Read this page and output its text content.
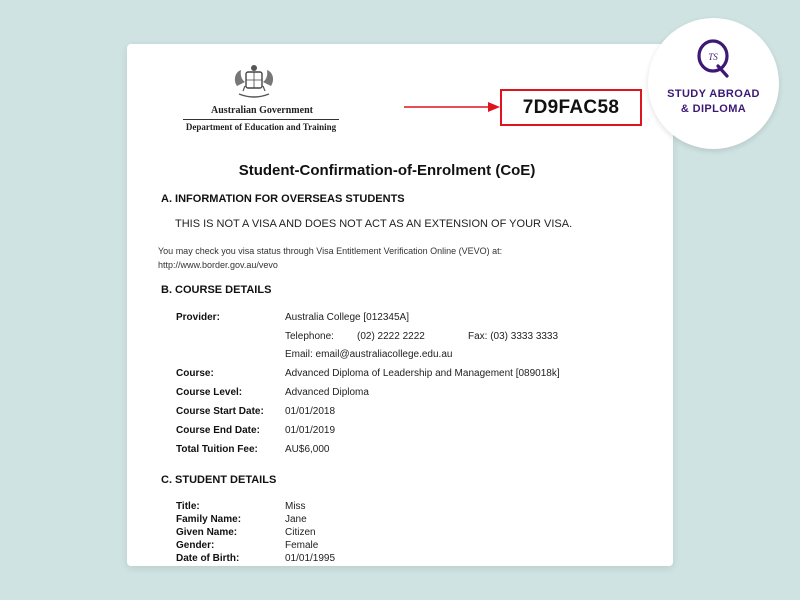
Australian Government
Department of Education and Training
7D9FAC58
Student-Confirmation-of-Enrolment (CoE)
A. INFORMATION FOR OVERSEAS STUDENTS
THIS IS NOT A VISA AND DOES NOT ACT AS AN EXTENSION OF YOUR VISA.
You may check you visa status through Visa Entitlement Verification Online (VEVO) at:
http://www.border.gov.au/vevo
B. COURSE DETAILS
Provider:	Australia College [012345A]
Telephone: (02) 2222 2222	Fax: (03) 3333 3333
Email: email@australiacollege.edu.au
Course:	Advanced Diploma of Leadership and Management [089018k]
Course Level:	Advanced Diploma
Course Start Date: 01/01/2018
Course End Date:	01/01/2019
Total Tuition Fee:	AU$6,000
C. STUDENT DETAILS
Title:	Miss
Family Name:	Jane
Given Name:	Citizen
Gender:	Female
Date of Birth:	01/01/1995
TS
STUDY ABROAD
& DIPLOMA
